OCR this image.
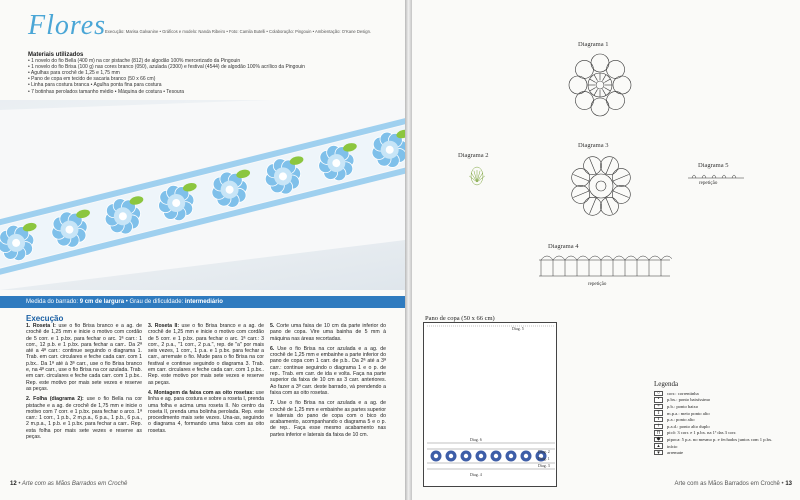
Flores
Execução: Marisa Galvanine • Gráficos e modelo: Nanda Ribeiro • Foto: Camila Butelli • Colaboração: Pingouin • Ambientação: O’Kane Design.
Materiais utilizados
• 1 novelo do fio Bella (400 m) na cor pistache (812) de algodão 100% mercerizado da Pingouin
• 1 novelo do fio Brisa (100 g) nas cores branco (050), azulada (2300) e festival (4544) de algodão 100% acrílico da Pingouin
• Agulhas para crochê de 1,25 e 1,75 mm
• Pano de copa em tecido de sacaria branco (50 x 66 cm)
• Linha para costura branca • Agulha ponta fina para costura
• 7 botinhas perolados tamanho médio • Máquina de costura • Tesoura
Medida do barrado: 9 cm de largura • Grau de dificuldade: intermediário
Execução

1. Roseta I: use o fio Brisa branco e a ag. de crochê de 1,25 mm e inicie o motivo com cordão de 5 corr. e 1 p.bx. para fechar o arc. 1ª carr.: 1 corr., 12 p.b. e 1 p.bx. para fechar a carr.. Da 2ª até a 4ª carr.: continue seguindo o diagrama 1. Trab. em carr. circulares e feche cada carr. com 1 p.bx.. Da 1ª até à 3ª carr., use o fio Brisa branco e, na 4ª carr., use o fio Brisa na cor azulada. Trab. em carr. circulares e feche cada carr. com 1 p.bx.. Rep. este motivo por mais sete vezes e reserve as peças.

2. Folha (diagrama 2): use o fio Bella na cor pistache e a ag. de crochê de 1,75 mm e inicie o motivo com 7 corr. e 1 p.bx. para fechar o arco. 1ª carr.: 1 corr., 1 p.b., 2 m.p.a., 6 p.a., 1 p.b., 6 p.a., 2 m.p.a., 1 p.b. e 1 p.bx. para fechar a carr.. Rep. esta folha por mais sete vezes e reserve as peças.

3. Roseta II: use o fio Brisa branco e a ag. de crochê de 1,25 mm e inicie o motivo com cordão de 5 corr. e 1 p.bx. para fechar o arc. 1ª carr.: 3 corr., 2 p.a., "1 corr., 2 p.a.", rep. de "a" por mais seis vezes, 1 corr., 1 p.a. e 1 p.bx. para fechar a carr., arremate o fio. Mude para o fio Brisa na cor festival e continue seguindo o diagrama 3. Trab. em carr. circulares e feche cada carr. com 1 p.bx.. Rep. este motivo por mais sete vezes e reserve as peças.

4. Montagem da faixa com as oito rosetas: use linha e ag. para costura e sobre a roseta I, prenda uma folha e acima uma roseta II. No centro da roseta II, prenda uma bolinha perolada. Rep. este procedimento mais sete vezes. Una-as, seguindo o diagrama 4, formando uma faixa com as oito rosetas.

5. Corte uma faixa de 10 cm da parte inferior do pano de copa. Vire uma bainha de 5 mm à máquina nas áreas recortadas.

6. Use o fio Brisa na cor azulada e a ag. de crochê de 1,25 mm e embainhe a parte inferior do pano de copa com 1 carr. de p.b.. Da 2ª até a 3ª carr.: continue seguindo o diagrama 1 e o p. de rep.. Trab. em carr. de ida e volta. Faça na parte superior da faixa de 10 cm as 3 carr. anteriores. Ao fazer a 3ª carr. deste barrado, vá prendendo a faixa com as oito rosetas.

7. Use o fio Brisa na cor azulada e a ag. de crochê de 1,25 mm e embainhe as partes superior e laterais do pano de copa com o bico do acabamento, acompanhando o diagrama 5 e o p. de rep.. Faça esse mesmo acabamento nas partes inferior e laterais da faixa de 10 cm.

12 • Arte com as Mãos Barrados em Crochê
Diagrama 1
Diagrama 2
Diagrama 3
Diagrama 5
repetição
Diagrama 4
repetição
Pano de copa (50 x 66 cm)
Diag. 5
Diag. 2
Diag. 1
Diag. 3
Diag. 6
Diag. 4
Legenda
○	corr.: correntinha
•	p.bx.: ponto baixíssimo
+	p.b.: ponto baixo
T	m.p.a.: meio ponto alto
ŧ	p.a.: ponto alto
ǂ	p.a.d.: ponto alto duplo
⊓	picô: 3 corr. e 1 p.bx. na 1ª das 3 corr.
◆	pipoca: 5 p.a. no mesmo p. e fechados juntos com 1 p.bx.
▴	início
▾	arremate
Arte com as Mãos Barrados em Crochê • 13
